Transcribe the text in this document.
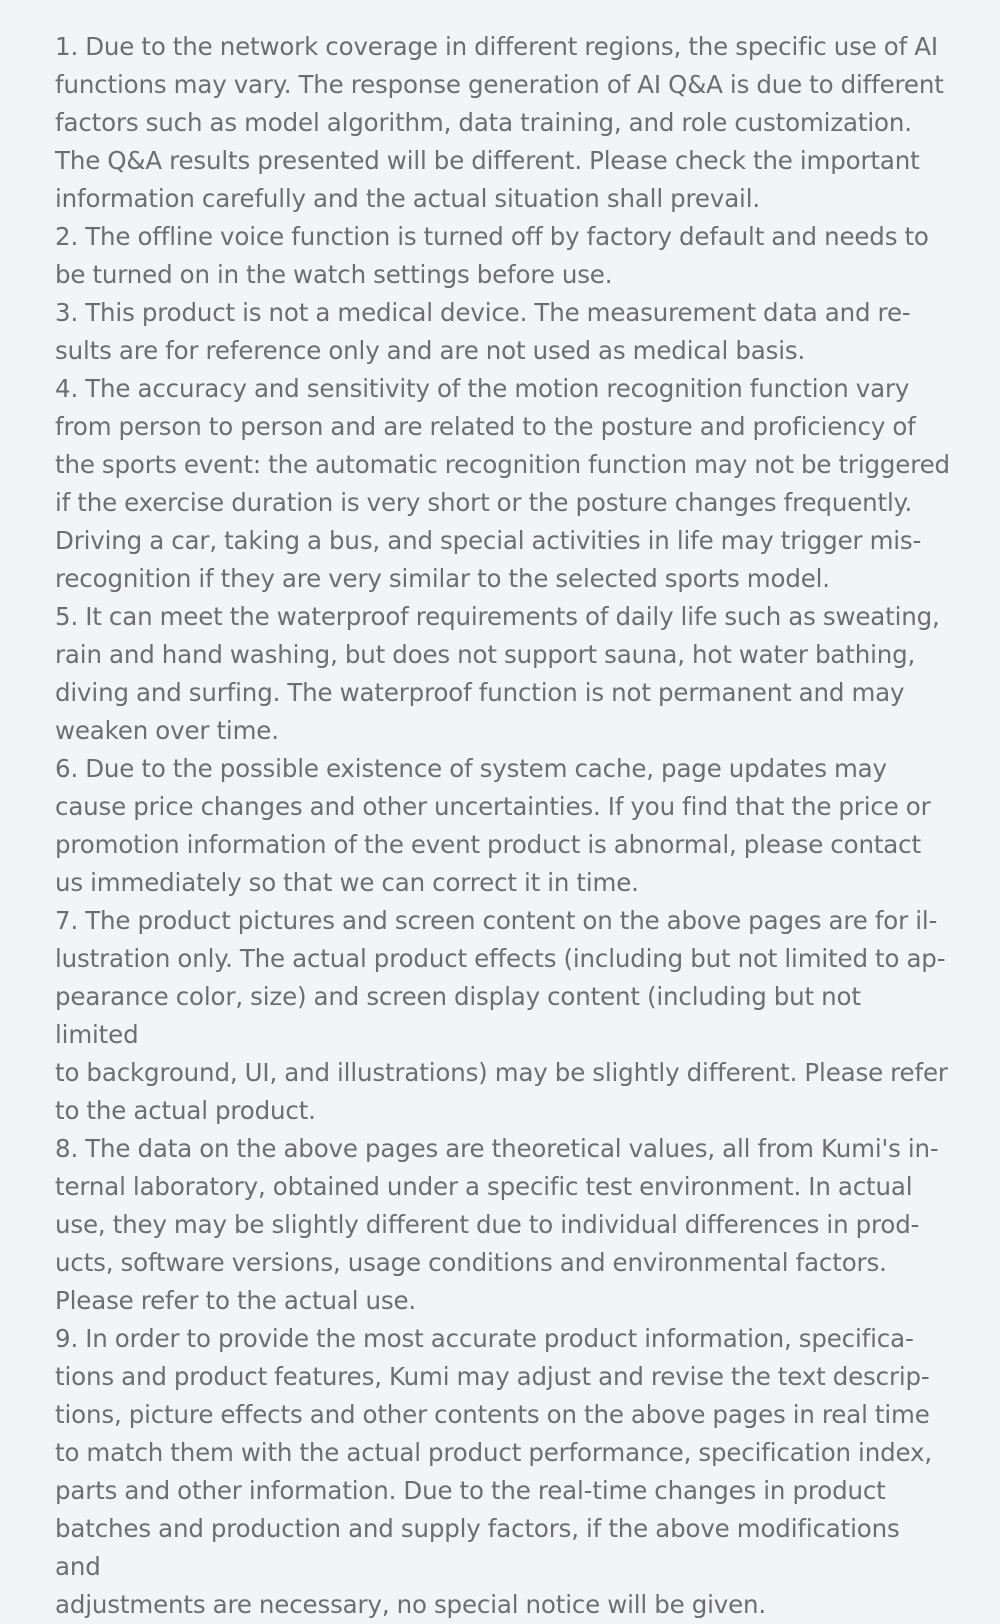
1. Due to the network coverage in different regions, the specific use of AI
functions may vary. The response generation of AI Q&A is due to different
factors such as model algorithm, data training, and role customization.
The Q&A results presented will be different. Please check the important
information carefully and the actual situation shall prevail.

2. The offline voice function is turned off by factory default and needs to
be turned on in the watch settings before use.

3. This product is not a medical device. The measurement data and re-
sults are for reference only and are not used as medical basis.

4. The accuracy and sensitivity of the motion recognition function vary
from person to person and are related to the posture and proficiency of
the sports event: the automatic recognition function may not be triggered
if the exercise duration is very short or the posture changes frequently.
Driving a car, taking a bus, and special activities in life may trigger mis-
recognition if they are very similar to the selected sports model.

5. It can meet the waterproof requirements of daily life such as sweating,
rain and hand washing, but does not support sauna, hot water bathing,
diving and surfing. The waterproof function is not permanent and may
weaken over time.

6. Due to the possible existence of system cache, page updates may
cause price changes and other uncertainties. If you find that the price or
promotion information of the event product is abnormal, please contact
us immediately so that we can correct it in time.

7. The product pictures and screen content on the above pages are for il-
lustration only. The actual product effects (including but not limited to ap-
pearance color, size) and screen display content (including but not limited
to background, UI, and illustrations) may be slightly different. Please refer
to the actual product.

8. The data on the above pages are theoretical values, all from Kumi's in-
ternal laboratory, obtained under a specific test environment. In actual
use, they may be slightly different due to individual differences in prod-
ucts, software versions, usage conditions and environmental factors.
Please refer to the actual use.

9. In order to provide the most accurate product information, specifica-
tions and product features, Kumi may adjust and revise the text descrip-
tions, picture effects and other contents on the above pages in real time
to match them with the actual product performance, specification index,
parts and other information. Due to the real-time changes in product
batches and production and supply factors, if the above modifications and
adjustments are necessary, no special notice will be given.
